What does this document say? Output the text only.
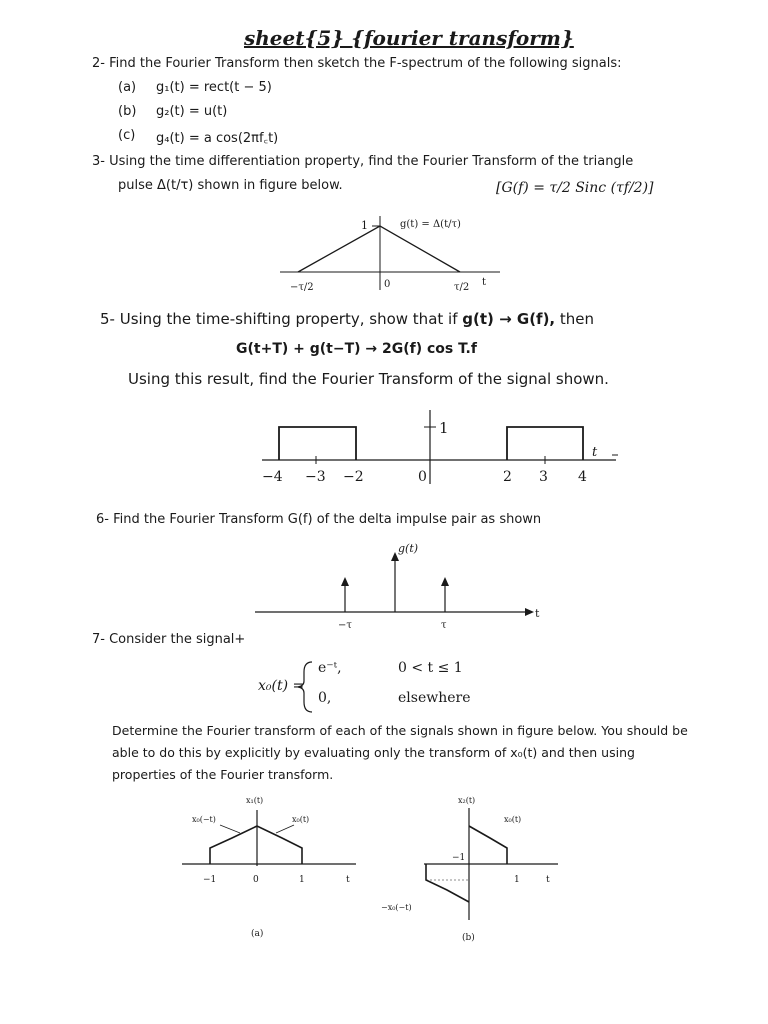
sheet{5} {fourier transform}
2- Find the Fourier Transform then sketch the F-spectrum of the following signals:
(a) g₁(t) = rect(t − 5)
(b) g₂(t) = u(t)
(c) g₄(t) = a cos(2πf꜀t)
3- Using the time differentiation property, find the Fourier Transform of the triangle
pulse Δ(t/τ) shown in figure below.	[G(f) = τ/2 Sinc (τf/2)]
1	g(t) = Δ(t/τ)
−τ/2	0	τ/2 t
1
−4 −3 −2	0	2 3 4
t
g(t)
−τ	τ
t
x₁(t)
x₀(−t)	x₀(t)
−1	0	1	t
(a)
x₂(t)
x₀(t)
−x₀(−t)
−1
1	t
(b)
5- Using the time-shifting property, show that if g(t) → G(f), then
G(t+T) + g(t−T) → 2G(f) cos T.f
Using this result, find the Fourier Transform of the signal shown.
6- Find the Fourier Transform G(f) of the delta impulse pair as shown
7- Consider the signal+
x₀(t) =
e⁻ᵗ,	0 < t ≤ 1
0,	elsewhere
Determine the Fourier transform of each of the signals shown in figure below. You should be able to do this by explicitly by evaluating only the transform of x₀(t) and then using properties of the Fourier transform.
